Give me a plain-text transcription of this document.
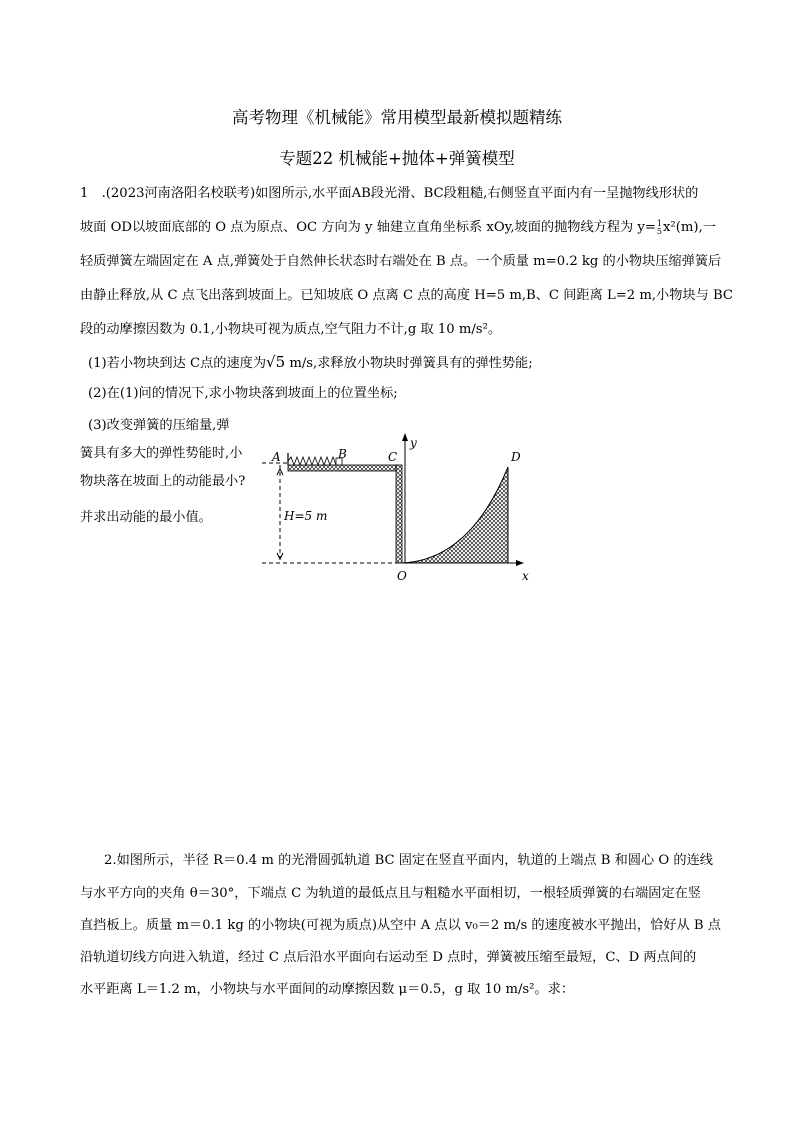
高考物理《机械能》常用模型最新模拟题精练
专题22 机械能+抛体+弹簧模型
1　.(2023河南洛阳名校联考)如图所示,水平面AB段光滑、BC段粗糙,右侧竖直平面内有一呈抛物线形状的
坡面 OD以坡面底部的 O 点为原点、OC 方向为 y 轴建立直角坐标系 xOy,坡面的抛物线方程为 y= 1
5 x²(m),一
轻质弹簧左端固定在 A 点,弹簧处于自然伸长状态时右端处在 B 点。一个质量 m=0.2 kg 的小物块压缩弹簧后
由静止释放,从 C 点飞出落到坡面上。已知坡底 O 点离 C 点的高度 H=5 m,B、C 间距离 L=2 m,小物块与 BC
段的动摩擦因数为 0.1,小物块可视为质点,空气阻力不计,g 取 10 m/s²。
(1)若小物块到达 C点的速度为√5 m/s,求释放小物块时弹簧具有的弹性势能;
(2)在(1)问的情况下,求小物块落到坡面上的位置坐标;
(3)改变弹簧的压缩量,弹
簧具有多大的弹性势能时,小
物块落在坡面上的动能最小?
并求出动能的最小值。
A	B	C	D
y
x
O
H=5 m
2.如图所示，半径 R＝0.4 m 的光滑圆弧轨道 BC 固定在竖直平面内，轨道的上端点 B 和圆心 O 的连线
与水平方向的夹角 θ＝30°，下端点 C 为轨道的最低点且与粗糙水平面相切，一根轻质弹簧的右端固定在竖
直挡板上。质量 m＝0.1 kg 的小物块(可视为质点)从空中 A 点以 v₀＝2 m/s 的速度被水平抛出，恰好从 B 点
沿轨道切线方向进入轨道，经过 C 点后沿水平面向右运动至 D 点时，弹簧被压缩至最短，C、D 两点间的
水平距离 L＝1.2 m，小物块与水平面间的动摩擦因数 μ＝0.5，g 取 10 m/s²。求：
